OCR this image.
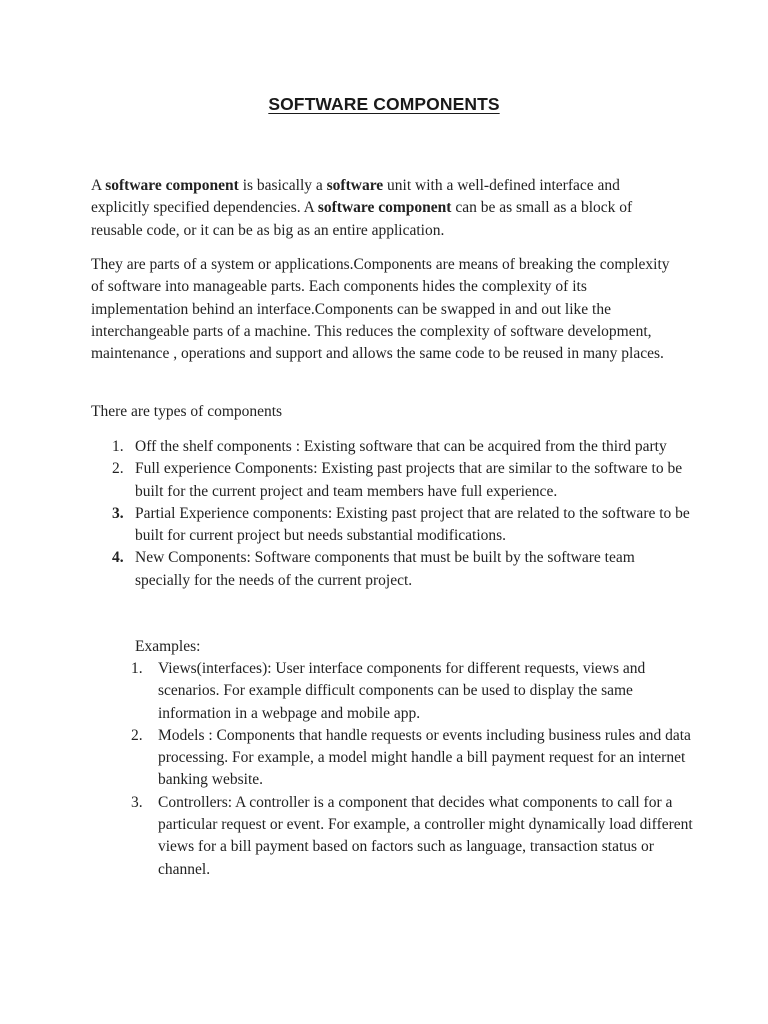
SOFTWARE COMPONENTS
A software component is basically a software unit with a well-defined interface and explicitly specified dependencies. A software component can be as small as a block of reusable code, or it can be as big as an entire application.
They are parts of a system or applications.Components are means of breaking the complexity of software into manageable parts. Each components hides the complexity of its implementation behind an interface.Components can be swapped in and out like the interchangeable parts of a machine. This reduces the complexity of software development, maintenance , operations and support and allows the same code to be reused in many places.
There are types of components
1. Off the shelf components : Existing software that can be acquired from the third party
2. Full experience Components: Existing past projects that are similar to the software to be built for the current project and team members have full experience.
3. Partial Experience components: Existing past project that are related to the software to be built for current project but needs substantial modifications.
4. New Components: Software components that must be built by the software team specially for the needs of the current project.
Examples:
1. Views(interfaces): User interface components for different requests, views and scenarios. For example difficult components can be used to display the same information in a webpage and mobile app.
2. Models : Components that handle requests or events including business rules and data processing. For example, a model might handle a bill payment request for an internet banking website.
3. Controllers: A controller is a component that decides what components to call for a particular request or event. For example, a controller might dynamically load different views for a bill payment based on factors such as language, transaction status or channel.
